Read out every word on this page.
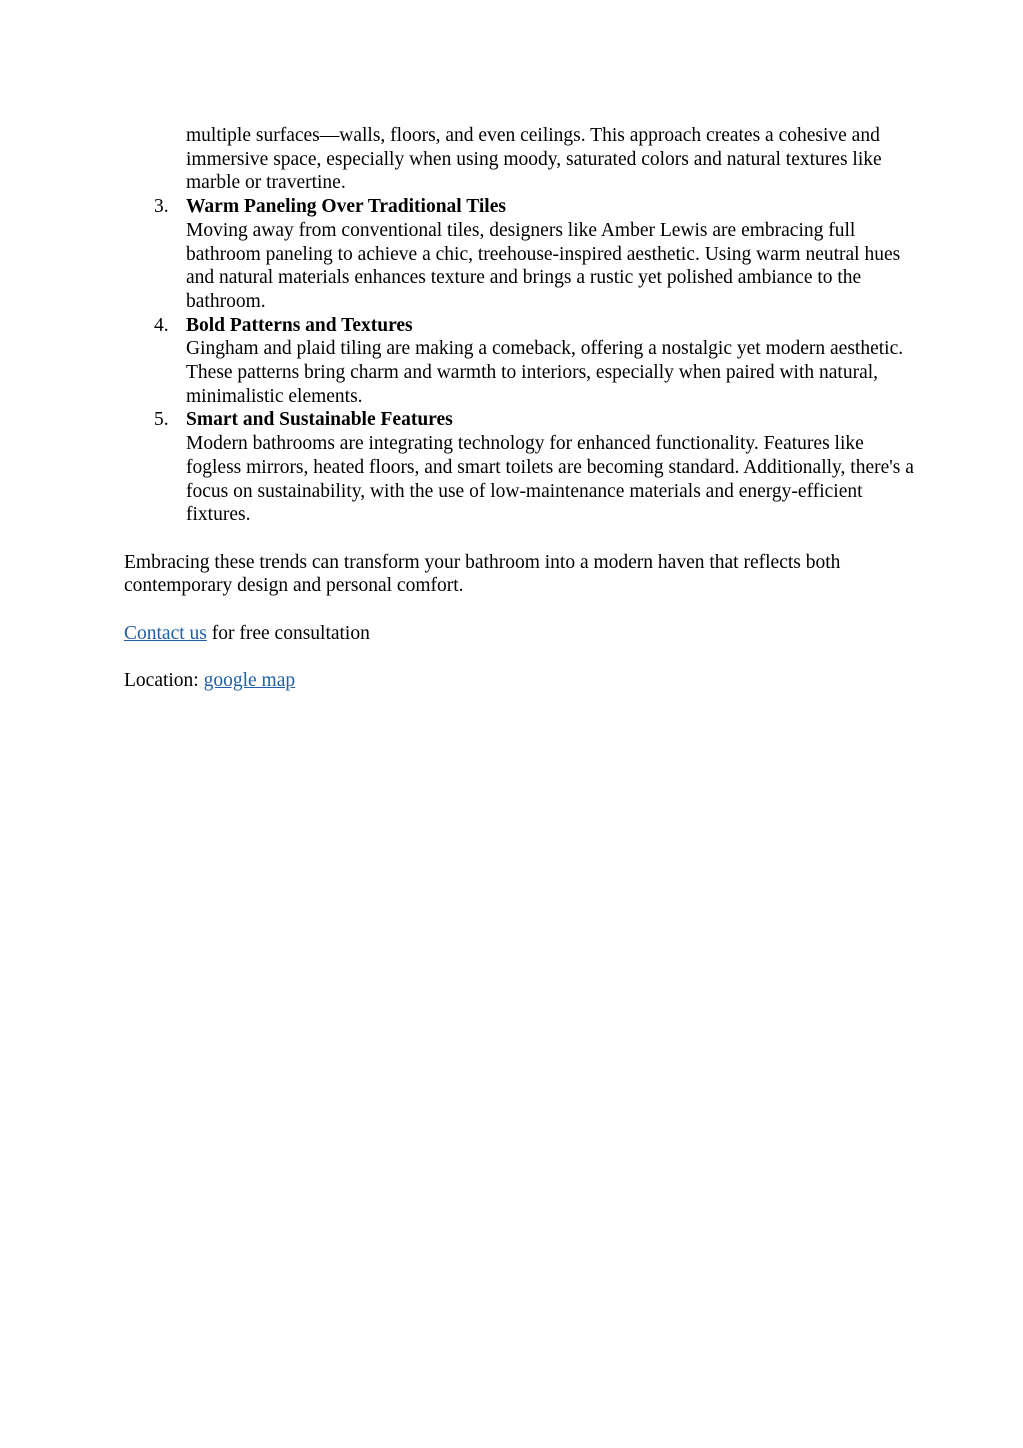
multiple surfaces—walls, floors, and even ceilings. This approach creates a cohesive and immersive space, especially when using moody, saturated colors and natural textures like marble or travertine.
3. Warm Paneling Over Traditional Tiles
Moving away from conventional tiles, designers like Amber Lewis are embracing full bathroom paneling to achieve a chic, treehouse-inspired aesthetic. Using warm neutral hues and natural materials enhances texture and brings a rustic yet polished ambiance to the bathroom.
4. Bold Patterns and Textures
Gingham and plaid tiling are making a comeback, offering a nostalgic yet modern aesthetic. These patterns bring charm and warmth to interiors, especially when paired with natural, minimalistic elements.
5. Smart and Sustainable Features
Modern bathrooms are integrating technology for enhanced functionality. Features like fogless mirrors, heated floors, and smart toilets are becoming standard. Additionally, there's a focus on sustainability, with the use of low-maintenance materials and energy-efficient fixtures.

Embracing these trends can transform your bathroom into a modern haven that reflects both contemporary design and personal comfort.

Contact us for free consultation

Location: google map
